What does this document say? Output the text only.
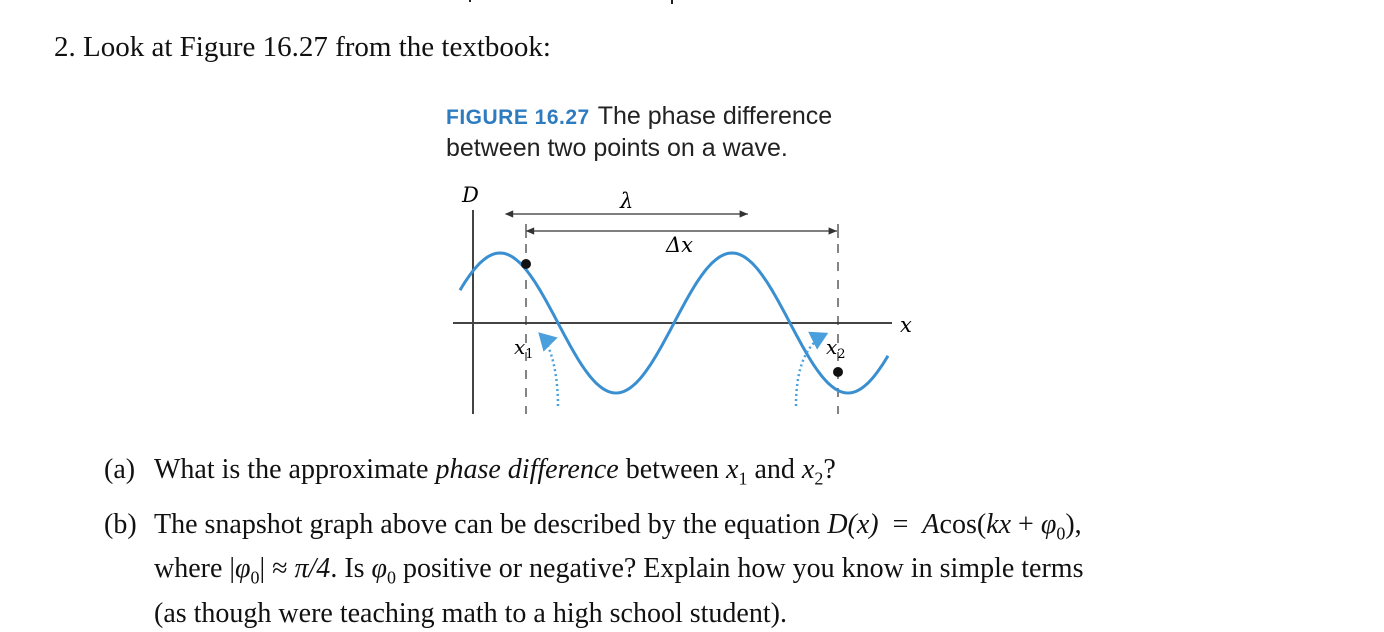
2. Look at Figure 16.27 from the textbook:
FIGURE 16.27 The phase difference between two points on a wave.
D
x
λ
Δx
$x_1$	$x_2$
(a) What is the approximate phase difference between $x_1$ and $x_2$?
(b) The snapshot graph above can be described by the equation $D(x) = Acos(kx + \varphi_0)$,
where $|\varphi_0| \approx \pi/4$. Is $\varphi_0$ positive or negative? Explain how you know in simple terms
(as though were teaching math to a high school student).
